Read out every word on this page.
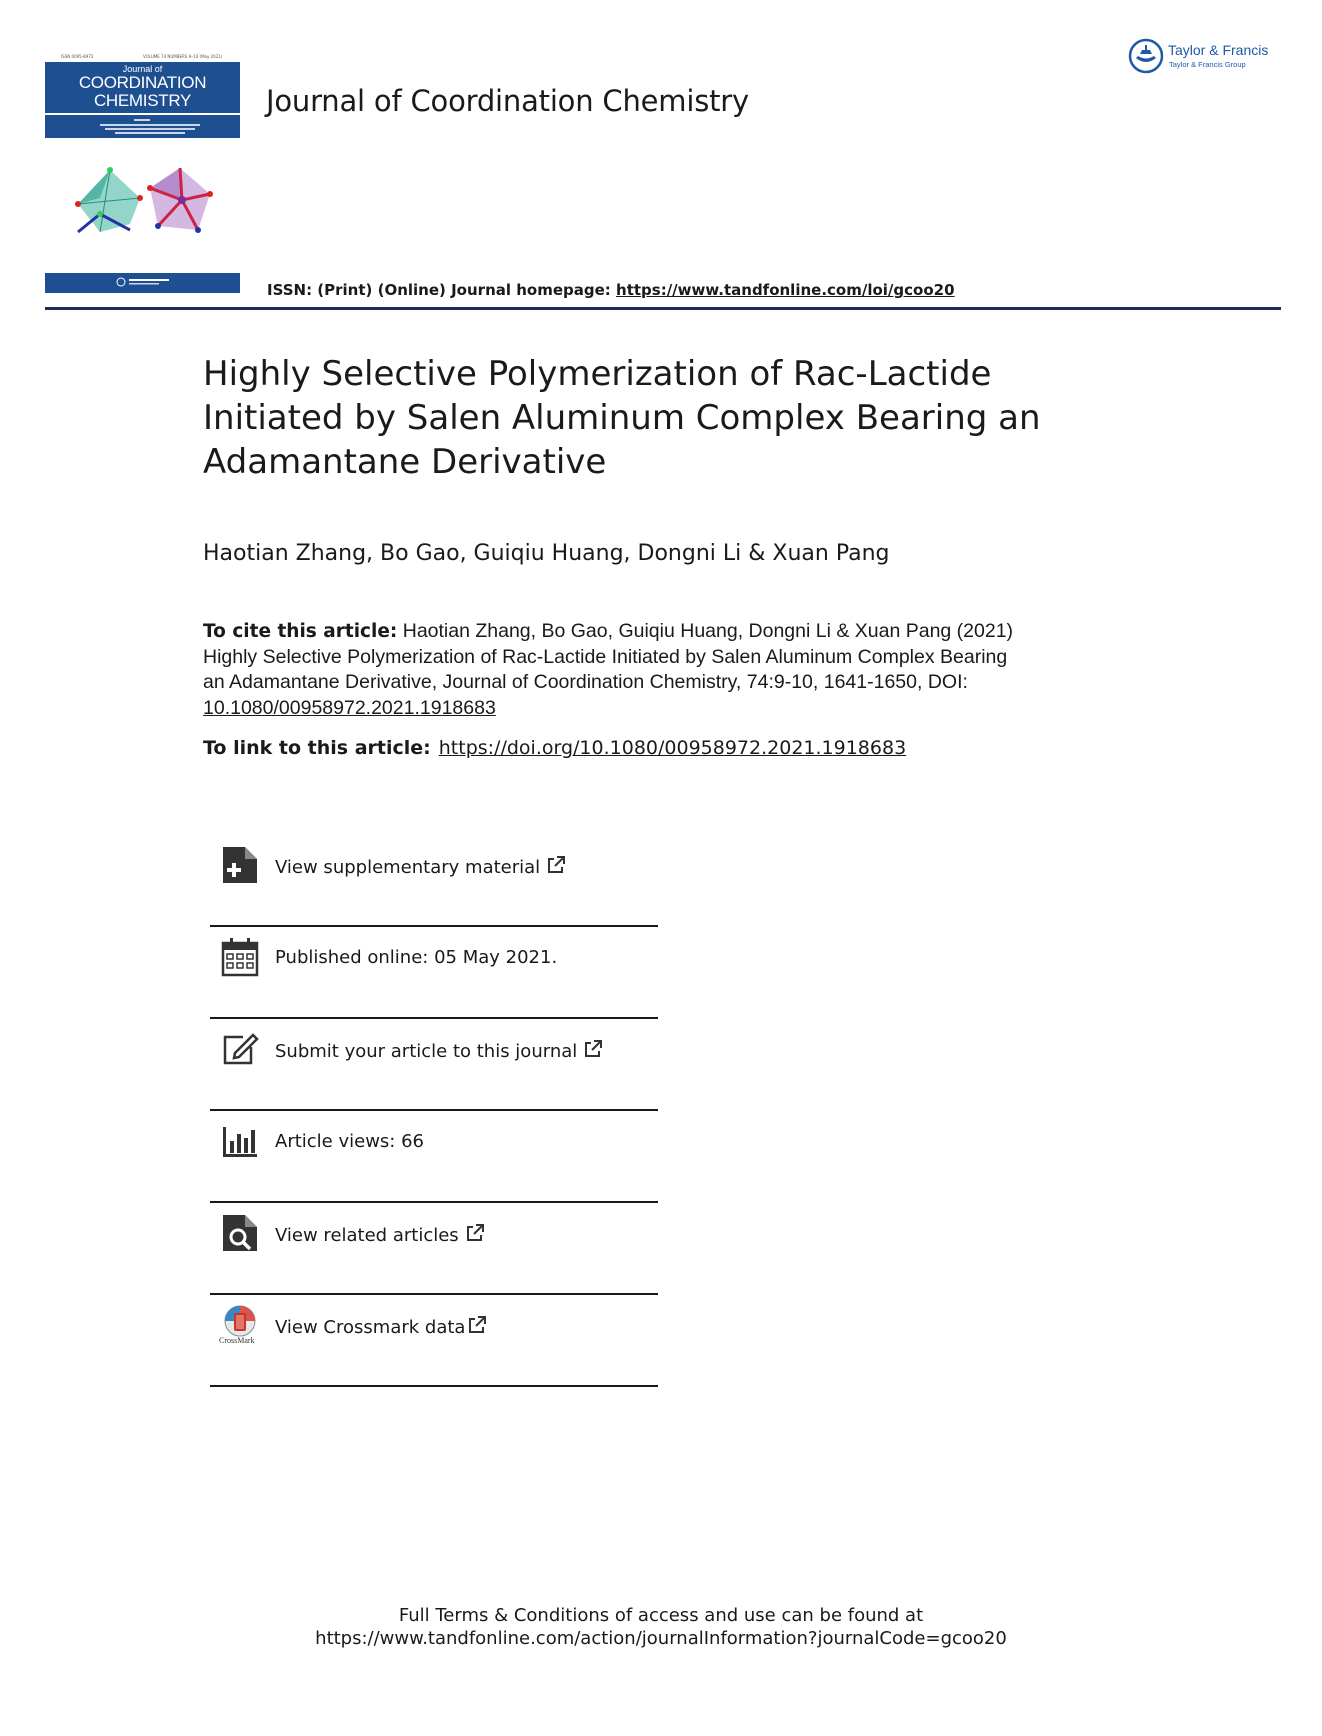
ISSN 0095-8972	VOLUME 74 NUMBERS 9–10 (May 2021)
Journal of
COORDINATION
CHEMISTRY	Journal of Coordination Chemistry
Taylor & Francis
Taylor & Francis Group
ISSN: (Print) (Online) Journal homepage: https://www.tandfonline.com/loi/gcoo20
Highly Selective Polymerization of Rac-Lactide
Initiated by Salen Aluminum Complex Bearing an
Adamantane Derivative
Haotian Zhang, Bo Gao, Guiqiu Huang, Dongni Li & Xuan Pang
To cite this article: Haotian Zhang, Bo Gao, Guiqiu Huang, Dongni Li & Xuan Pang (2021)
Highly Selective Polymerization of Rac-Lactide Initiated by Salen Aluminum Complex Bearing
an Adamantane Derivative, Journal of Coordination Chemistry, 74:9-10, 1641-1650, DOI:
10.1080/00958972.2021.1918683
To link to this article: https://doi.org/10.1080/00958972.2021.1918683
View supplementary material
Published online: 05 May 2021.
Submit your article to this journal
Article views: 66
View related articles
CrossMark
View Crossmark data
Full Terms & Conditions of access and use can be found at
https://www.tandfonline.com/action/journalInformation?journalCode=gcoo20
